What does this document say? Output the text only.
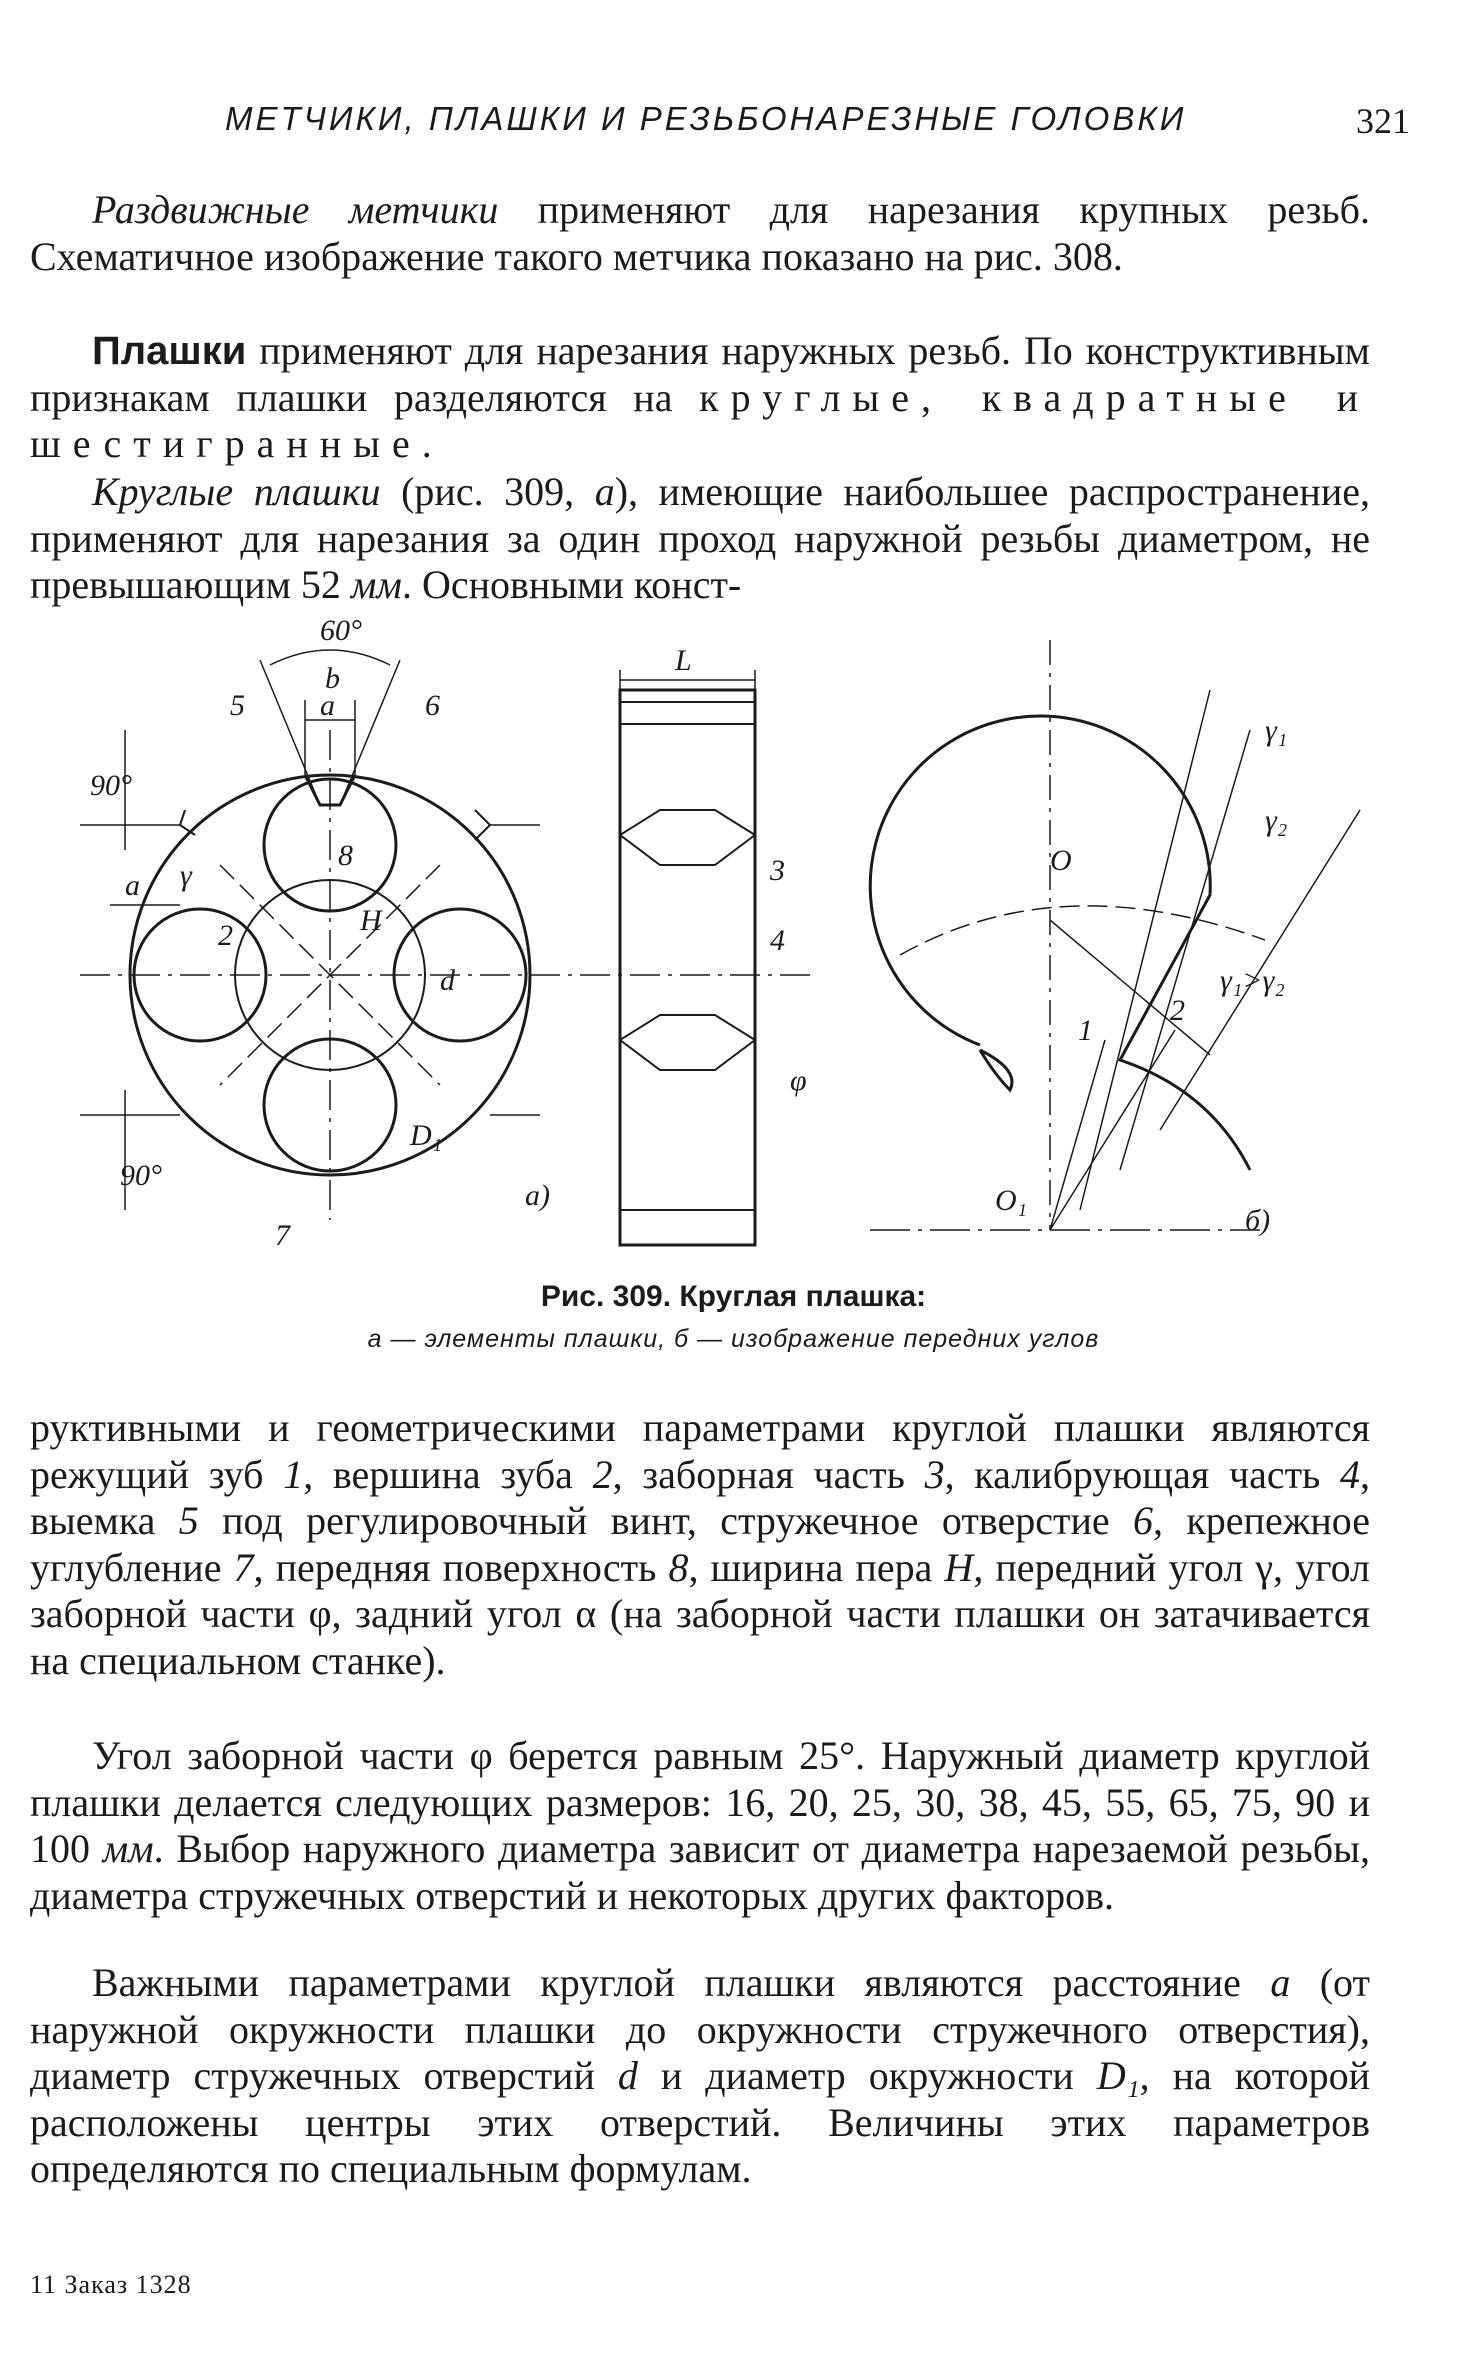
МЕТЧИКИ, ПЛАШКИ И РЕЗЬБОНАРЕЗНЫЕ ГОЛОВКИ	321

Раздвижные метчики применяют для нарезания крупных резьб. Схематичное изображение такого метчика показано на рис. 308.

Плашки применяют для нарезания наружных резьб. По конструктивным признакам плашки разделяются на круглые, квадратные и шестигранные.

Круглые плашки (рис. 309, а), имеющие наибольшее распространение, применяют для нарезания за один проход наружной резьбы диаметром, не превышающим 52 мм. Основными конст-

60°
b
a
5	6
90°
90°
γ
a
2
8
H
d
D₁
7
а)
L
3
4
φ
O
O₁
γ₁
γ₂
γ₁>γ₂
1
2
б)
Рис. 309. Круглая плашка:
а — элементы плашки, б — изображение передних углов

руктивными и геометрическими параметрами круглой плашки являются режущий зуб 1, вершина зуба 2, заборная часть 3, калибрующая часть 4, выемка 5 под регулировочный винт, стружечное отверстие 6, крепежное углубление 7, передняя поверхность 8, ширина пера H, передний угол γ, угол заборной части φ, задний угол α (на заборной части плашки он затачивается на специальном станке).

Угол заборной части φ берется равным 25°. Наружный диаметр круглой плашки делается следующих размеров: 16, 20, 25, 30, 38, 45, 55, 65, 75, 90 и 100 мм. Выбор наружного диаметра зависит от диаметра нарезаемой резьбы, диаметра стружечных отверстий и некоторых других факторов.

Важными параметрами круглой плашки являются расстояние a (от наружной окружности плашки до окружности стружечного отверстия), диаметр стружечных отверстий d и диаметр окружности D₁, на которой расположены центры этих отверстий. Величины этих параметров определяются по специальным формулам.

11 Заказ 1328
